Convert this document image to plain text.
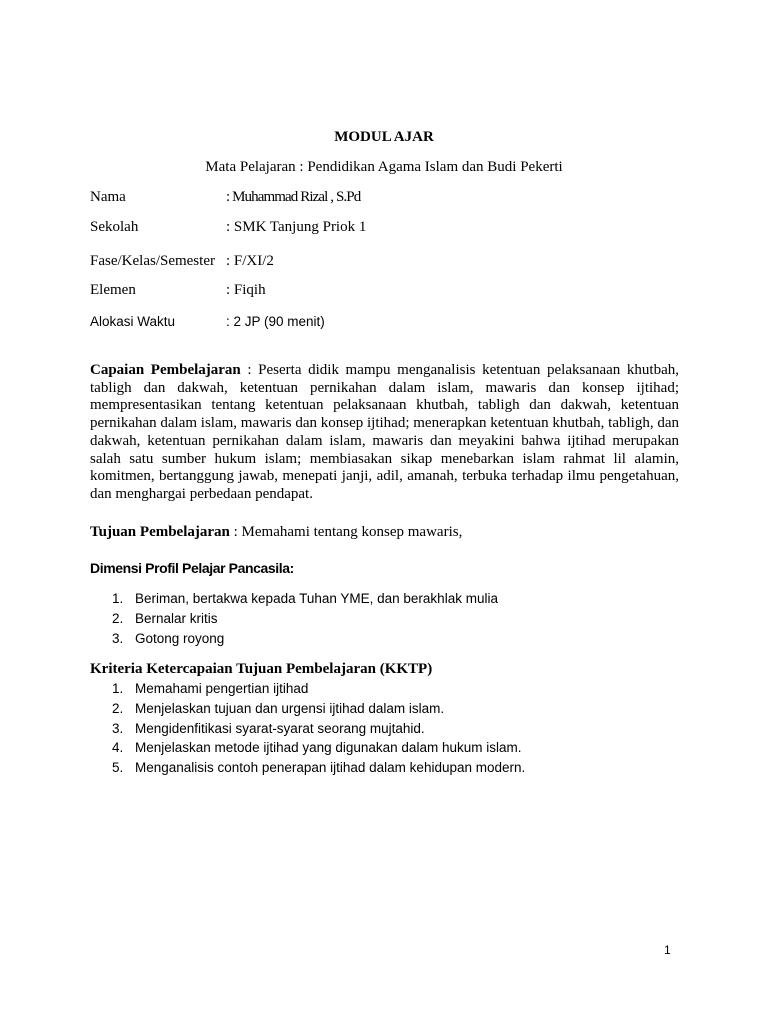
MODUL AJAR
Mata Pelajaran : Pendidikan Agama Islam dan Budi Pekerti
Nama	: Muhammad Rizal , S.Pd
Sekolah	: SMK Tanjung Priok 1
Fase/Kelas/Semester : F/XI/2
Elemen	: Fiqih
Alokasi Waktu	: 2 JP (90 menit)
Capaian Pembelajaran : Peserta didik mampu menganalisis ketentuan pelaksanaan khutbah, tabligh dan dakwah, ketentuan pernikahan dalam islam, mawaris dan konsep ijtihad; mempresentasikan tentang ketentuan pelaksanaan khutbah, tabligh dan dakwah, ketentuan pernikahan dalam islam, mawaris dan konsep ijtihad; menerapkan ketentuan khutbah, tabligh, dan dakwah, ketentuan pernikahan dalam islam, mawaris dan meyakini bahwa ijtihad merupakan salah satu sumber hukum islam; membiasakan sikap menebarkan islam rahmat lil alamin, komitmen, bertanggung jawab, menepati janji, adil, amanah, terbuka terhadap ilmu pengetahuan, dan menghargai perbedaan pendapat.
Tujuan Pembelajaran : Memahami tentang konsep mawaris,
Dimensi Profil Pelajar Pancasila:
1. Beriman, bertakwa kepada Tuhan YME, dan berakhlak mulia
2. Bernalar kritis
3. Gotong royong
Kriteria Ketercapaian Tujuan Pembelajaran (KKTP)
1. Memahami pengertian ijtihad
2. Menjelaskan tujuan dan urgensi ijtihad dalam islam.
3. Mengidenfitikasi syarat-syarat seorang mujtahid.
4. Menjelaskan metode ijtihad yang digunakan dalam hukum islam.
5. Menganalisis contoh penerapan ijtihad dalam kehidupan modern.
1
